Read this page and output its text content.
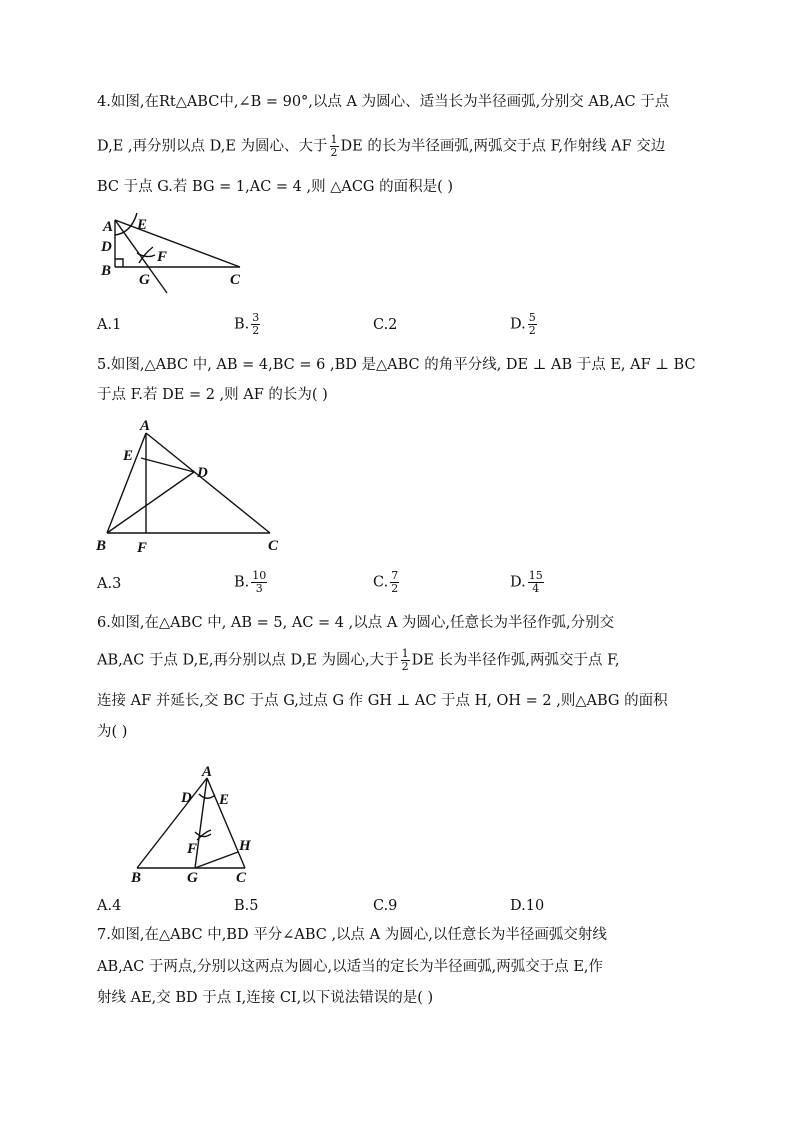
4.如图,在Rt△ABC中,∠B = 90°,以点 A 为圆心、适当长为半径画弧,分别交 AB,AC 于点
D,E ,再分别以点 D,E 为圆心、大于 $\frac{1}{2}$ DE 的长为半径画弧,两弧交于点 F,作射线 AF 交边
BC 于点 G.若 BG = 1,AC = 4 ,则 △ACG 的面积是( )
A E
D
F
B
G	C
A.1	B. $\frac{3}{2}$	C.2	D. $\frac{5}{2}$
5.如图,△ABC 中, AB = 4,BC = 6 ,BD 是△ABC 的角平分线, DE ⊥ AB 于点 E, AF ⊥ BC
于点 F.若 DE = 2 ,则 AF 的长为( )
A
E
D
B F	C
A.3	B. $\frac{10}{3}$	C. $\frac{7}{2}$	D. $\frac{15}{4}$
6.如图,在△ABC 中, AB = 5, AC = 4 ,以点 A 为圆心,任意长为半径作弧,分别交
AB,AC 于点 D,E,再分别以点 D,E 为圆心,大于 $\frac{1}{2}$ DE 长为半径作弧,两弧交于点 F,
连接 AF 并延长,交 BC 于点 G,过点 G 作 GH ⊥ AC 于点 H, OH = 2 ,则△ABG 的面积
为( )
A
D E
F	H
B	G	C
A.4	B.5	C.9	D.10
7.如图,在△ABC 中,BD 平分∠ABC ,以点 A 为圆心,以任意长为半径画弧交射线
AB,AC 于两点,分别以这两点为圆心,以适当的定长为半径画弧,两弧交于点 E,作
射线 AE,交 BD 于点 I,连接 CI,以下说法错误的是( )
